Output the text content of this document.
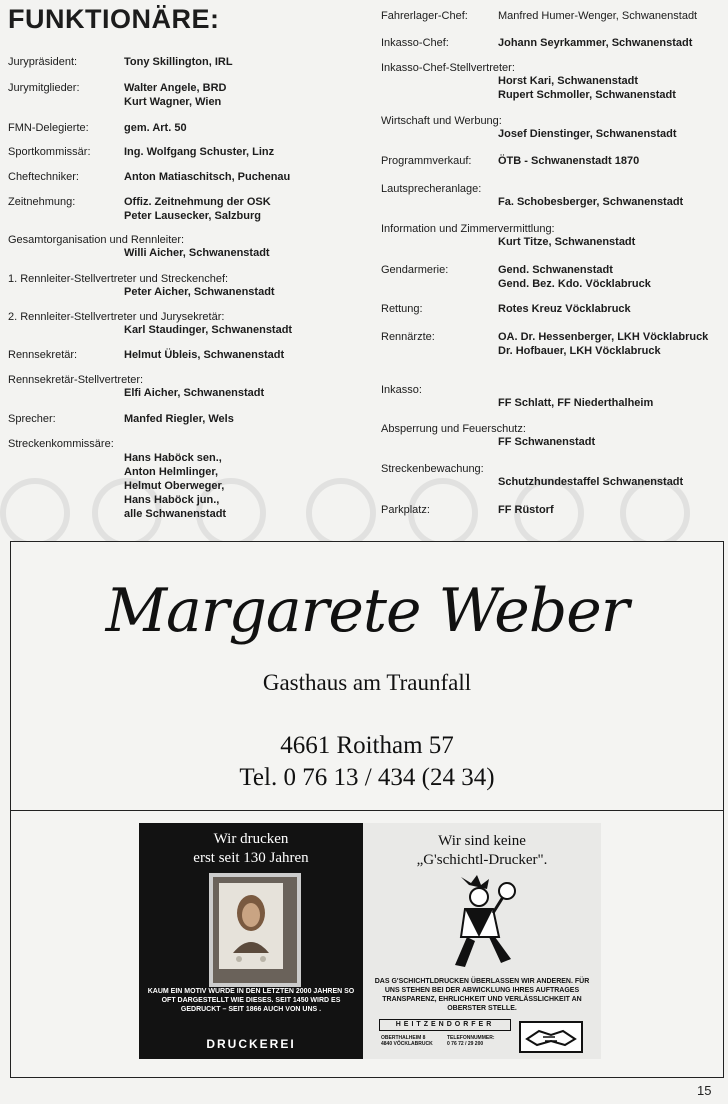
FUNKTIONÄRE:
Jurypräsident:	Tony Skillington, IRL
Jurymitglieder:	Walter Angele, BRD
Kurt Wagner, Wien
FMN-Delegierte:	gem. Art. 50
Sportkommissär:	Ing. Wolfgang Schuster, Linz
Cheftechniker:	Anton Matiaschitsch, Puchenau
Zeitnehmung:	Offiz. Zeitnehmung der OSK
Peter Lausecker, Salzburg
Gesamtorganisation und Rennleiter:
Willi Aicher, Schwanenstadt
1. Rennleiter-Stellvertreter und Streckenchef:
Peter Aicher, Schwanenstadt
2. Rennleiter-Stellvertreter und Jurysekretär:
Karl Staudinger, Schwanenstadt
Rennsekretär:	Helmut Übleis, Schwanenstadt
Rennsekretär-Stellvertreter:
Elfi Aicher, Schwanenstadt
Sprecher:	Manfed Riegler, Wels
Streckenkommissäre:
Hans Haböck sen.,
Anton Helmlinger,
Helmut Oberweger,
Hans Haböck jun.,
alle Schwanenstadt
Fahrerlager-Chef:	Manfred Humer-Wenger, Schwanenstadt
Inkasso-Chef:	Johann Seyrkammer, Schwanenstadt
Inkasso-Chef-Stellvertreter:
Horst Kari, Schwanenstadt
Rupert Schmoller, Schwanenstadt
Wirtschaft und Werbung:
Josef Dienstinger, Schwanenstadt
Programmverkauf: ÖTB - Schwanenstadt 1870
Lautsprecheranlage:
Fa. Schobesberger, Schwanenstadt
Information und Zimmervermittlung:
Kurt Titze, Schwanenstadt
Gendarmerie:	Gend. Schwanenstadt
Gend. Bez. Kdo. Vöcklabruck
Rettung:	Rotes Kreuz Vöcklabruck
Rennärzte:	OA. Dr. Hessenberger, LKH Vöcklabruck
Dr. Hofbauer, LKH Vöcklabruck
Inkasso:
FF Schlatt, FF Niederthalheim
Absperrung und Feuerschutz:
FF Schwanenstadt
Streckenbewachung:
Schutzhundestaffel Schwanenstadt
Parkplatz:	FF Rüstorf
Margarete Weber
Gasthaus am Traunfall
4661 Roitham 57
Tel. 0 76 13 / 434 (24 34)
Wir drucken
erst seit 130 Jahren
KAUM EIN MOTIV WURDE IN DEN LETZTEN 2000 JAHREN SO OFT DARGESTELLT WIE DIESES. SEIT 1450 WIRD ES GEDRUCKT – SEIT 1866 AUCH VON UNS .
DRUCKEREI
Wir sind keine
„G'schichtl-Drucker".
DAS G'SCHICHTLDRUCKEN ÜBERLASSEN WIR ANDEREN. FÜR UNS STEHEN BEI DER ABWICKLUNG IHRES AUFTRAGES TRANSPARENZ, EHRLICHKEIT UND VERLÄSSLICHKEIT AN OBERSTER STELLE.
HEITZENDORFER
OBERTHALHEIM 8
4840 VÖCKLABRUCK
TELEFONNUMMER:
0 76 72 / 29 200
15
